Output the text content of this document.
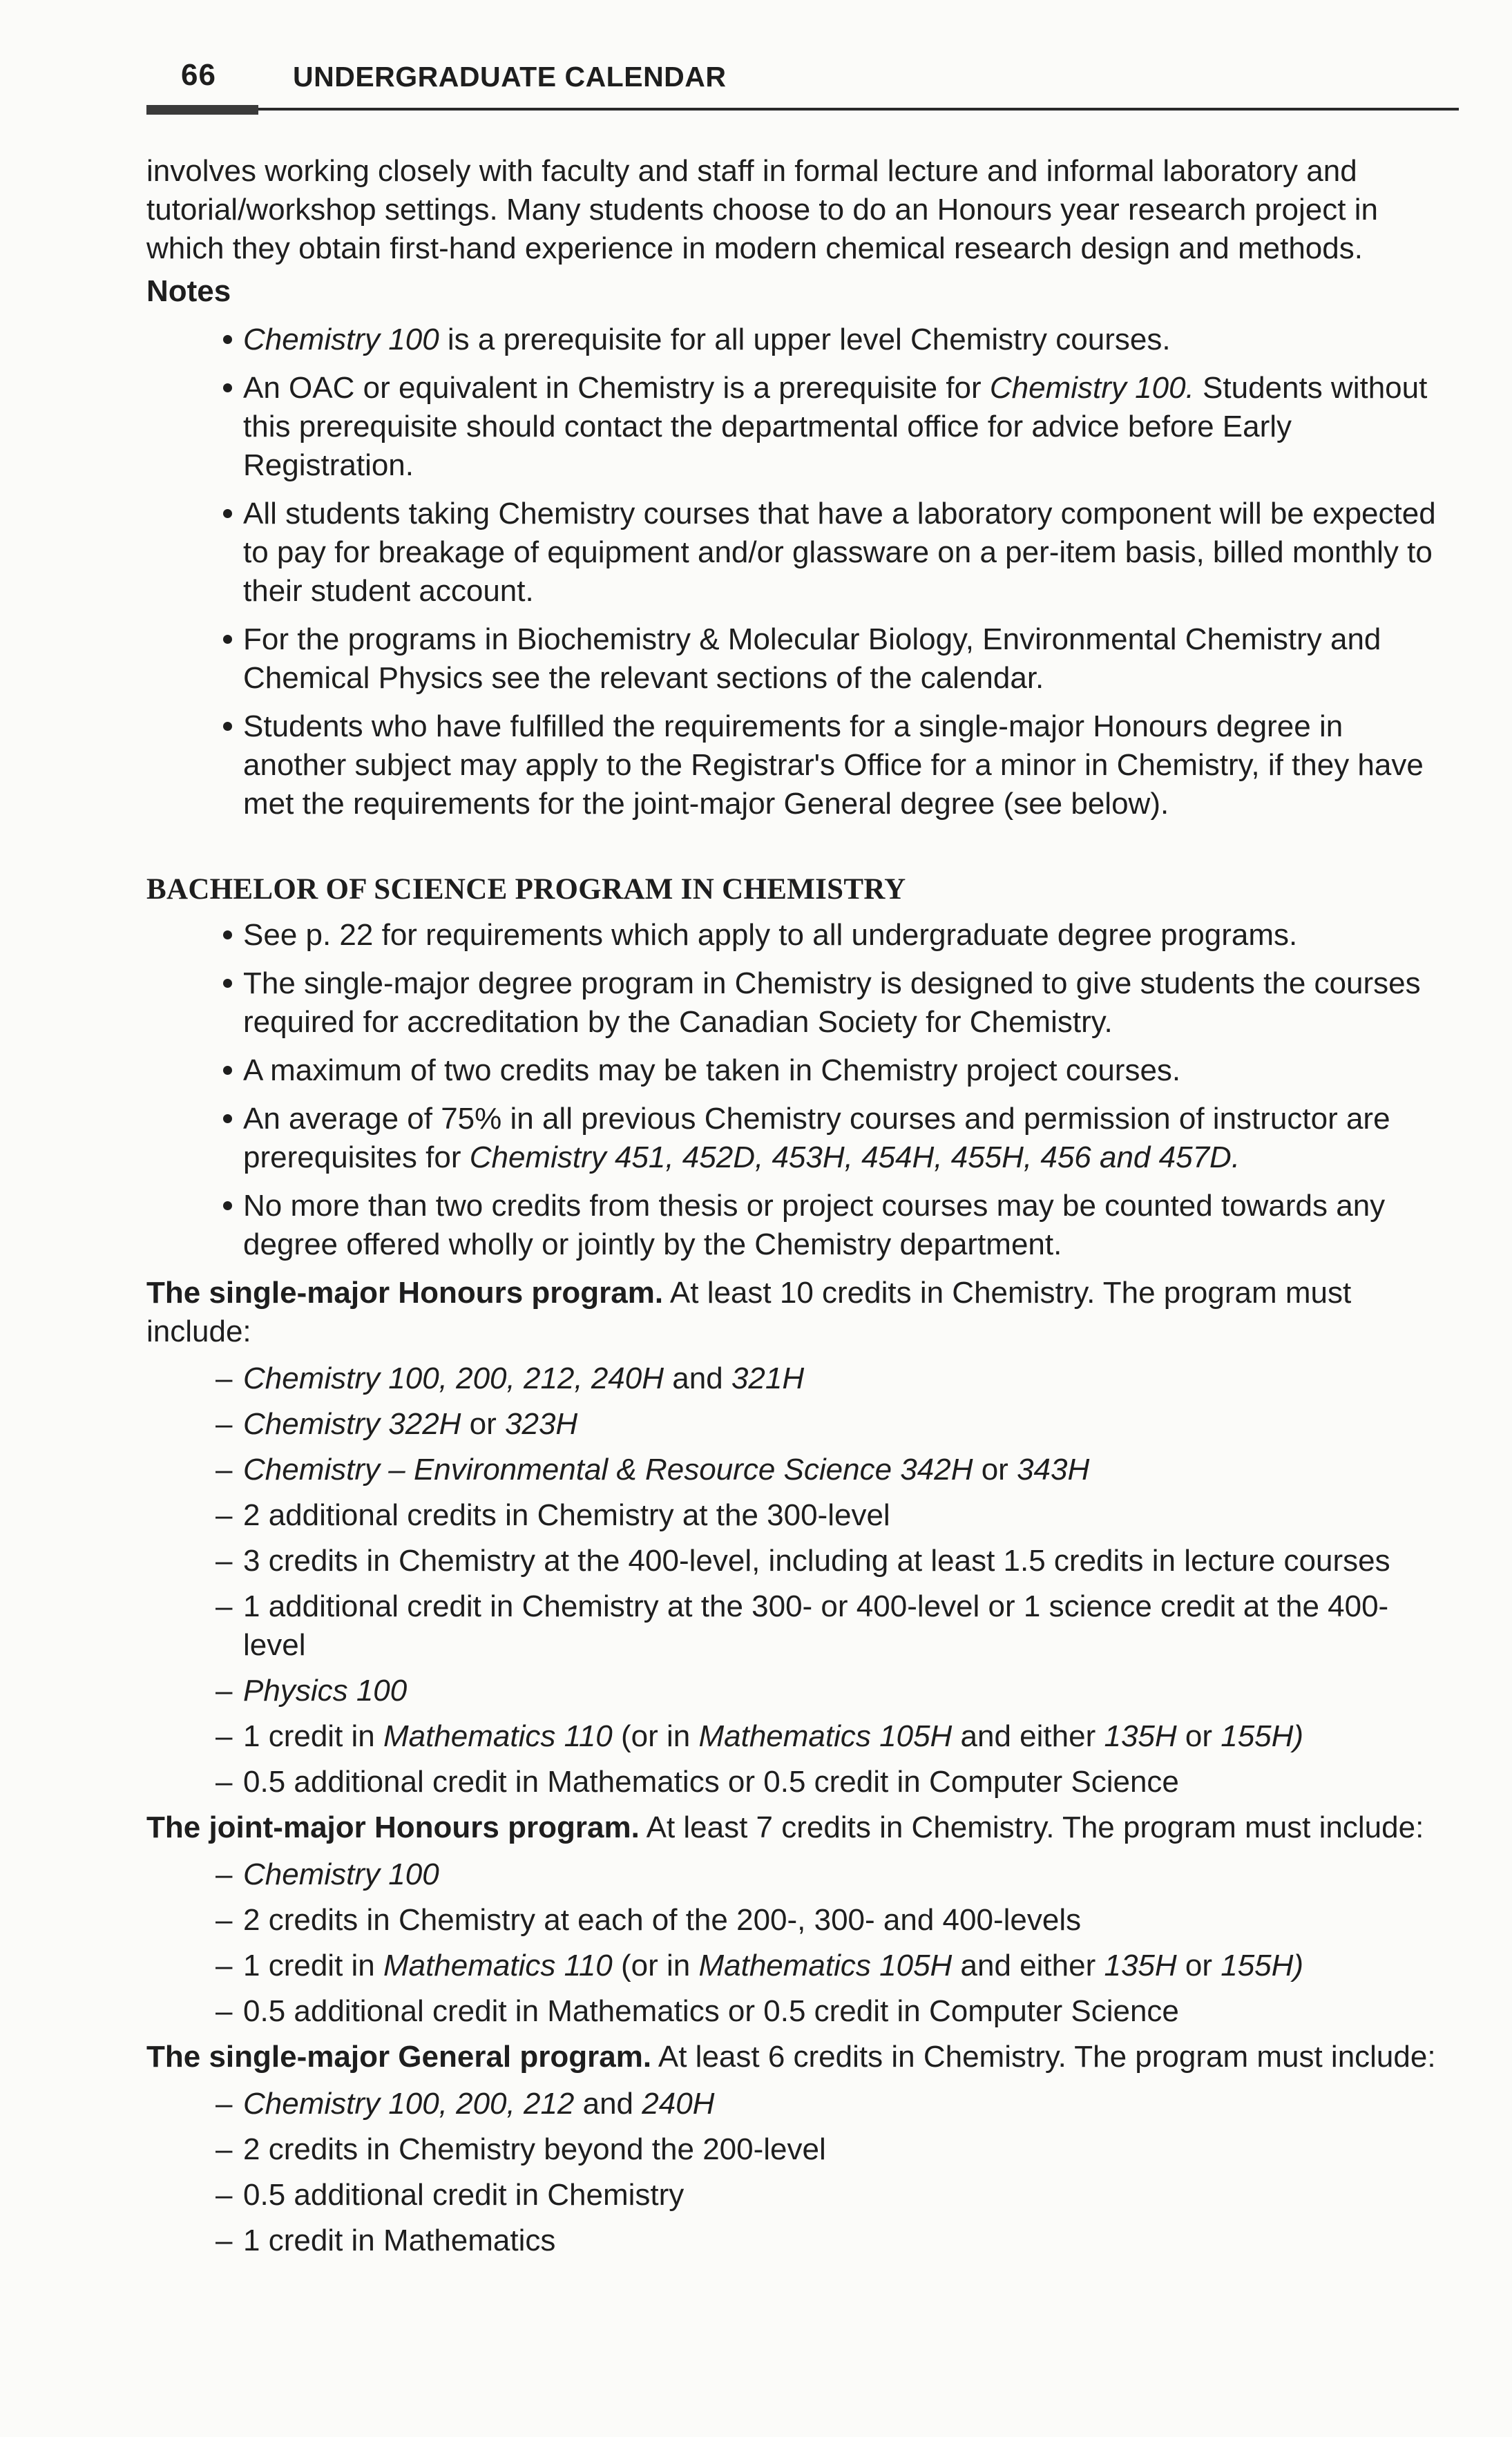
66	UNDERGRADUATE CALENDAR

involves working closely with faculty and staff in formal lecture and informal laboratory and tutorial/workshop settings. Many students choose to do an Honours year research project in which they obtain first-hand experience in modern chemical research design and methods.

Notes

Chemistry 100 is a prerequisite for all upper level Chemistry courses.
An OAC or equivalent in Chemistry is a prerequisite for Chemistry 100. Students without this prerequisite should contact the departmental office for advice before Early Registration.
All students taking Chemistry courses that have a laboratory component will be expected to pay for breakage of equipment and/or glassware on a per-item basis, billed monthly to their student account.
For the programs in Biochemistry & Molecular Biology, Environmental Chemistry and Chemical Physics see the relevant sections of the calendar.
Students who have fulfilled the requirements for a single-major Honours degree in another subject may apply to the Registrar's Office for a minor in Chemistry, if they have met the requirements for the joint-major General degree (see below).

BACHELOR OF SCIENCE PROGRAM IN CHEMISTRY

See p. 22 for requirements which apply to all undergraduate degree programs.
The single-major degree program in Chemistry is designed to give students the courses required for accreditation by the Canadian Society for Chemistry.
A maximum of two credits may be taken in Chemistry project courses.
An average of 75% in all previous Chemistry courses and permission of instructor are prerequisites for Chemistry 451, 452D, 453H, 454H, 455H, 456 and 457D.
No more than two credits from thesis or project courses may be counted towards any degree offered wholly or jointly by the Chemistry department.

The single-major Honours program. At least 10 credits in Chemistry. The program must include:

– Chemistry 100, 200, 212, 240H and 321H
– Chemistry 322H or 323H
– Chemistry – Environmental & Resource Science 342H or 343H
– 2 additional credits in Chemistry at the 300-level
– 3 credits in Chemistry at the 400-level, including at least 1.5 credits in lecture courses
– 1 additional credit in Chemistry at the 300- or 400-level or 1 science credit at the 400-level
– Physics 100
– 1 credit in Mathematics 110 (or in Mathematics 105H and either 135H or 155H)
– 0.5 additional credit in Mathematics or 0.5 credit in Computer Science

The joint-major Honours program. At least 7 credits in Chemistry. The program must include:

– Chemistry 100
– 2 credits in Chemistry at each of the 200-, 300- and 400-levels
– 1 credit in Mathematics 110 (or in Mathematics 105H and either 135H or 155H)
– 0.5 additional credit in Mathematics or 0.5 credit in Computer Science

The single-major General program. At least 6 credits in Chemistry. The program must include:

– Chemistry 100, 200, 212 and 240H
– 2 credits in Chemistry beyond the 200-level
– 0.5 additional credit in Chemistry
– 1 credit in Mathematics
